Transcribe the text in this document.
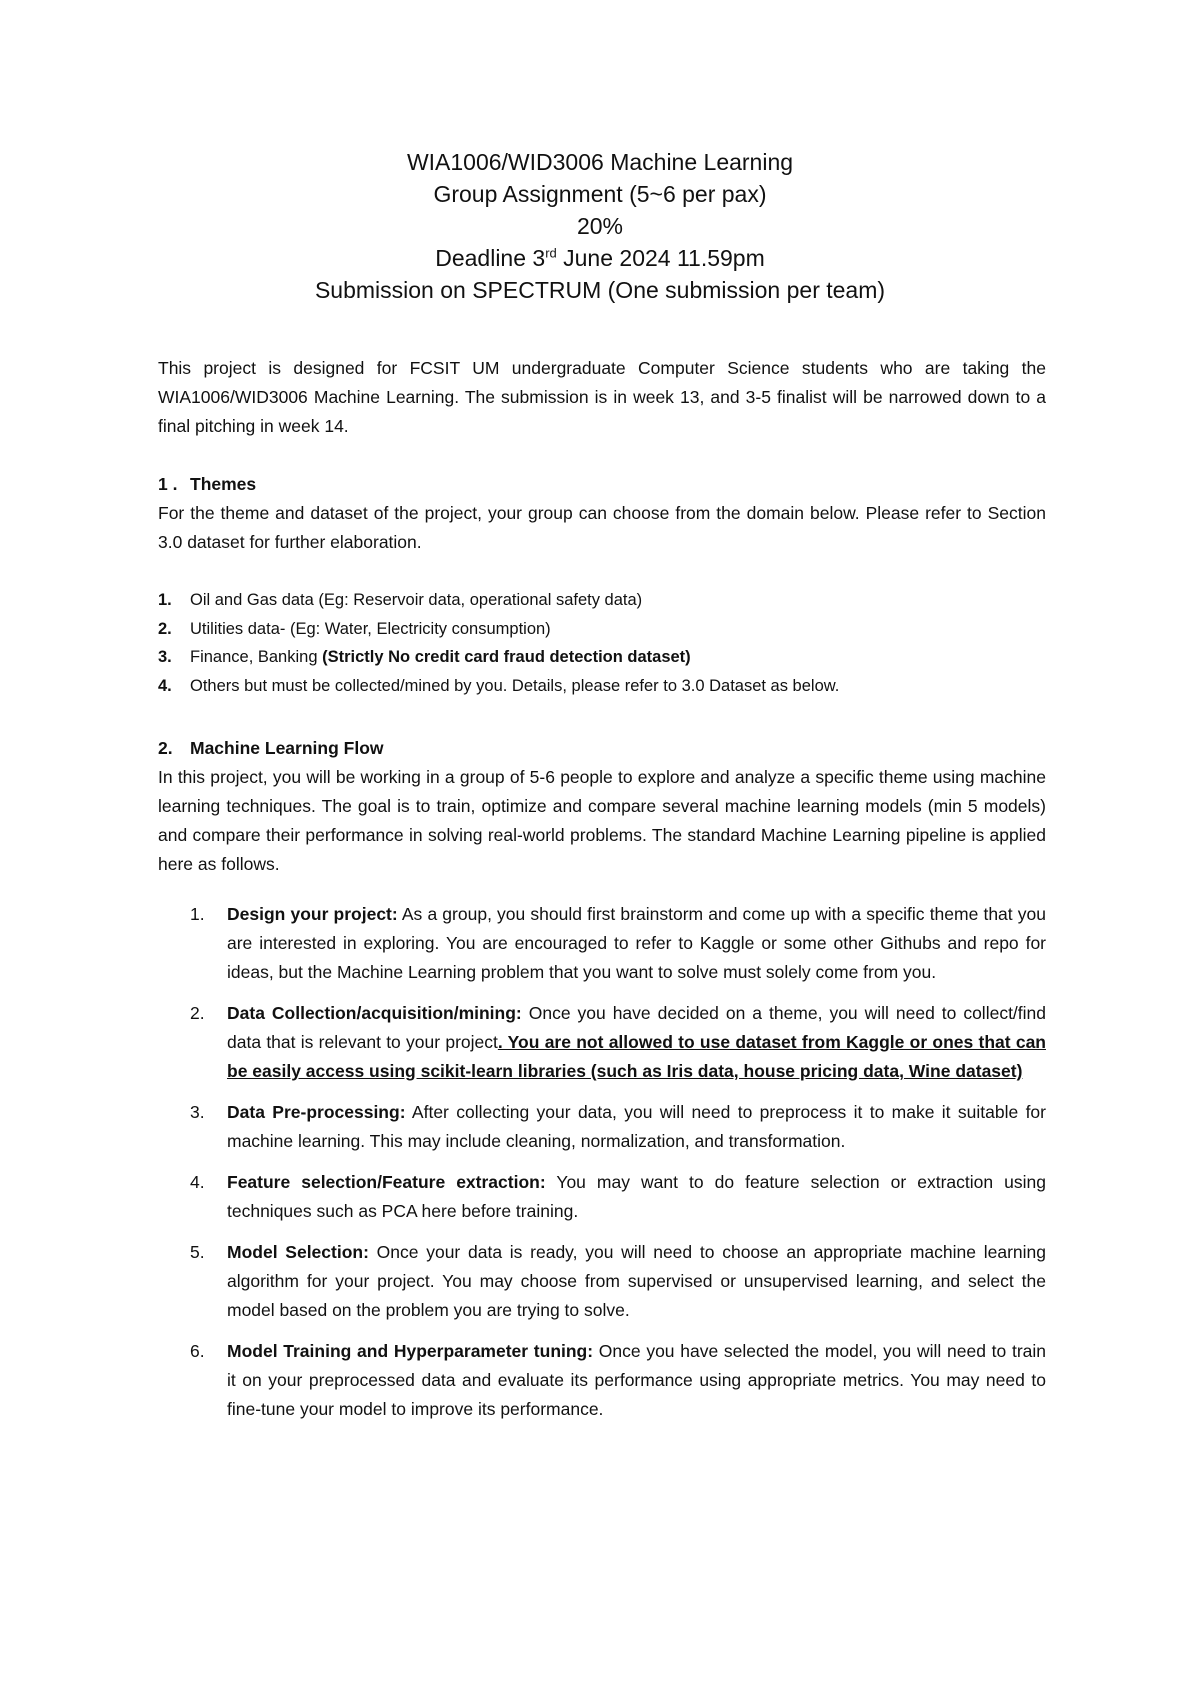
WIA1006/WID3006 Machine Learning
Group Assignment (5~6 per pax)
20%
Deadline 3rd June 2024 11.59pm
Submission on SPECTRUM (One submission per team)
This project is designed for FCSIT UM undergraduate Computer Science students who are taking the WIA1006/WID3006 Machine Learning. The submission is in week 13, and 3-5 finalist will be narrowed down to a final pitching in week 14.
1 . Themes
For the theme and dataset of the project, your group can choose from the domain below. Please refer to Section 3.0 dataset for further elaboration.
1. Oil and Gas data (Eg: Reservoir data, operational safety data)
2. Utilities data- (Eg: Water, Electricity consumption)
3. Finance, Banking (Strictly No credit card fraud detection dataset)
4. Others but must be collected/mined by you. Details, please refer to 3.0 Dataset as below.
2. Machine Learning Flow
In this project, you will be working in a group of 5-6 people to explore and analyze a specific theme using machine learning techniques. The goal is to train, optimize and compare several machine learning models (min 5 models) and compare their performance in solving real-world problems. The standard Machine Learning pipeline is applied here as follows.
1. Design your project: As a group, you should first brainstorm and come up with a specific theme that you are interested in exploring. You are encouraged to refer to Kaggle or some other Githubs and repo for ideas, but the Machine Learning problem that you want to solve must solely come from you.
2. Data Collection/acquisition/mining: Once you have decided on a theme, you will need to collect/find data that is relevant to your project. You are not allowed to use dataset from Kaggle or ones that can be easily access using scikit-learn libraries (such as Iris data, house pricing data, Wine dataset)
3. Data Pre-processing: After collecting your data, you will need to preprocess it to make it suitable for machine learning. This may include cleaning, normalization, and transformation.
4. Feature selection/Feature extraction: You may want to do feature selection or extraction using techniques such as PCA here before training.
5. Model Selection: Once your data is ready, you will need to choose an appropriate machine learning algorithm for your project. You may choose from supervised or unsupervised learning, and select the model based on the problem you are trying to solve.
6. Model Training and Hyperparameter tuning: Once you have selected the model, you will need to train it on your preprocessed data and evaluate its performance using appropriate metrics. You may need to fine-tune your model to improve its performance.
